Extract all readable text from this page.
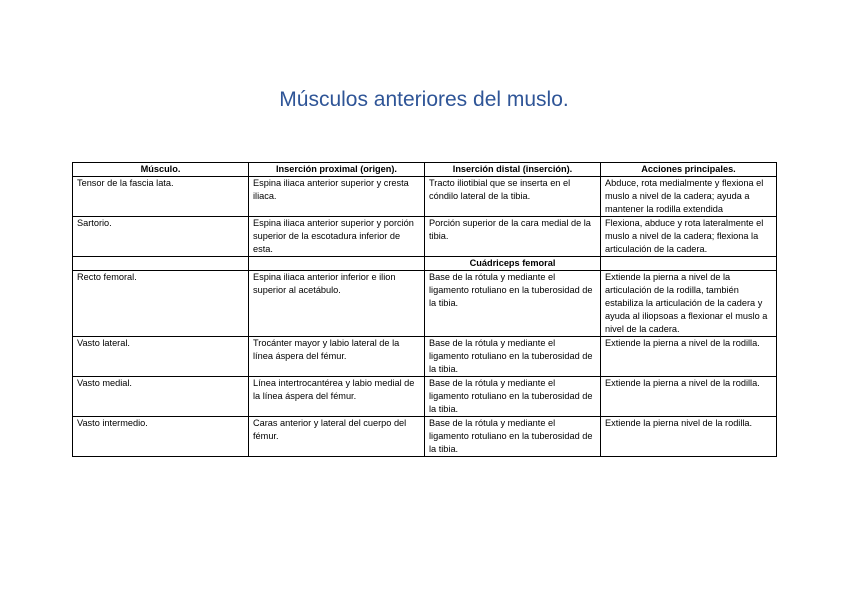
Músculos anteriores del muslo.
Músculo.	Inserción proximal (origen).	Inserción distal (inserción).	Acciones principales.
Tensor de la fascia lata.	Espina iliaca anterior superior y cresta iliaca.	Tracto iliotibial que se inserta en el cóndilo lateral de la tibia.	Abduce, rota medialmente y flexiona el muslo a nivel de la cadera; ayuda a mantener la rodilla extendida
Sartorio.	Espina iliaca anterior superior y porción superior de la escotadura inferior de esta.	Porción superior de la cara medial de la tibia.	Flexiona, abduce y rota lateralmente el muslo a nivel de la cadera; flexiona la articulación de la cadera.
		Cuádriceps femoral	
Recto femoral.	Espina iliaca anterior inferior e ilion superior al acetábulo.	Base de la rótula y mediante el ligamento rotuliano en la tuberosidad de la tibia.	Extiende la pierna a nivel de la articulación de la rodilla, también estabiliza la articulación de la cadera y ayuda al iliopsoas a flexionar el muslo a nivel de la cadera.
Vasto lateral.	Trocánter mayor y labio lateral de la línea áspera del fémur.	Base de la rótula y mediante el ligamento rotuliano en la tuberosidad de la tibia.	Extiende la pierna a nivel de la rodilla.
Vasto medial.	Línea intertrocantérea y labio medial de la línea áspera del fémur.	Base de la rótula y mediante el ligamento rotuliano en la tuberosidad de la tibia.	Extiende la pierna a nivel de la rodilla.
Vasto intermedio.	Caras anterior y lateral del cuerpo del fémur.	Base de la rótula y mediante el ligamento rotuliano en la tuberosidad de la tibia.	Extiende la pierna nivel de la rodilla.
